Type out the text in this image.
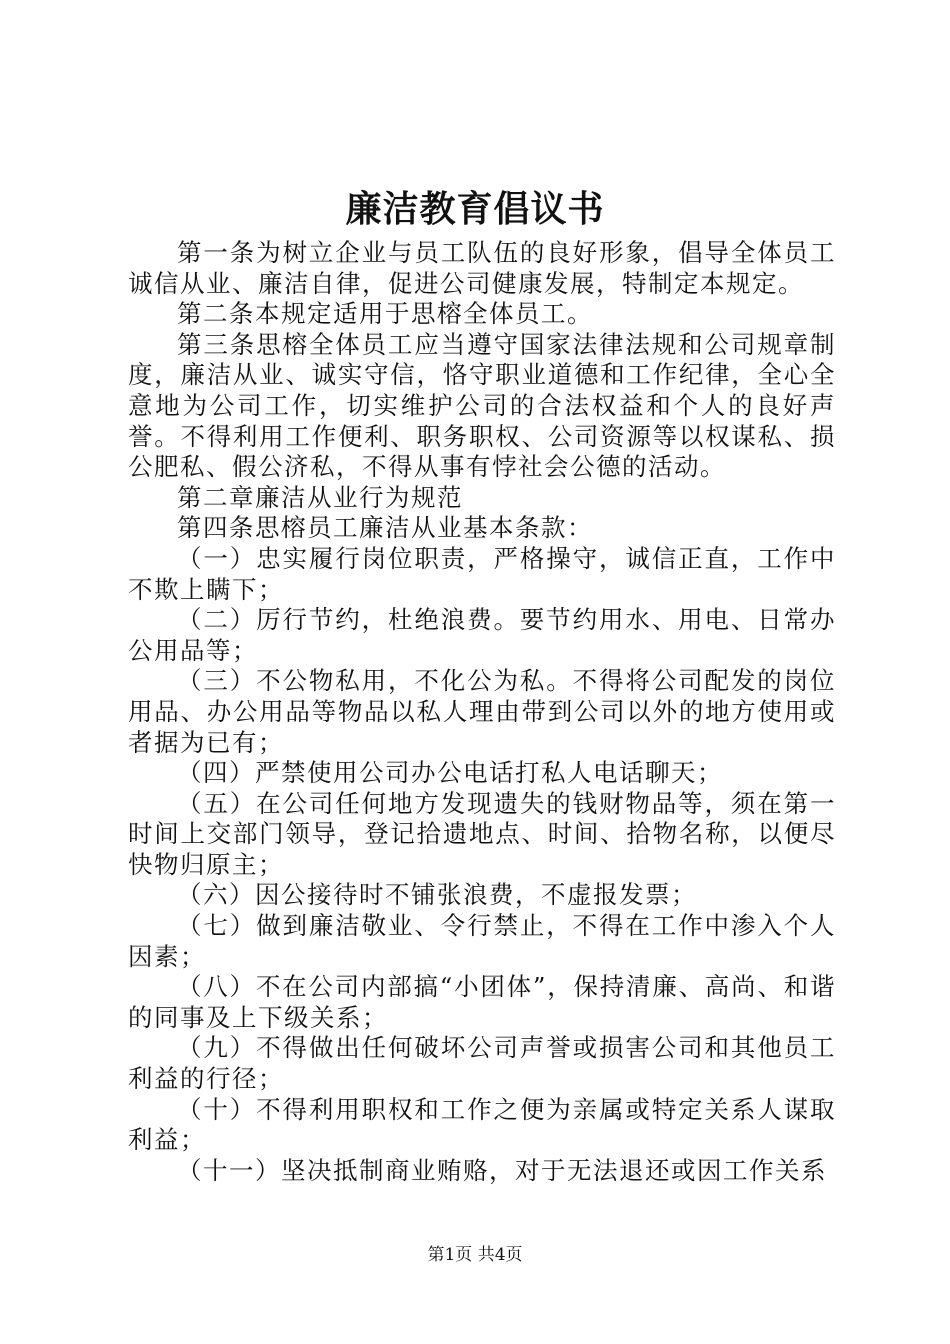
廉洁教育倡议书

第一条为树立企业与员工队伍的良好形象，倡导全体员工诚信从业、廉洁自律，促进公司健康发展，特制定本规定。

第二条本规定适用于思榕全体员工。

第三条思榕全体员工应当遵守国家法律法规和公司规章制度，廉洁从业、诚实守信，恪守职业道德和工作纪律，全心全意地为公司工作，切实维护公司的合法权益和个人的良好声誉。不得利用工作便利、职务职权、公司资源等以权谋私、损公肥私、假公济私，不得从事有悖社会公德的活动。

第二章廉洁从业行为规范

第四条思榕员工廉洁从业基本条款：

（一）忠实履行岗位职责，严格操守，诚信正直，工作中不欺上瞒下；

（二）厉行节约，杜绝浪费。要节约用水、用电、日常办公用品等；

（三）不公物私用，不化公为私。不得将公司配发的岗位用品、办公用品等物品以私人理由带到公司以外的地方使用或者据为已有；

（四）严禁使用公司办公电话打私人电话聊天；

（五）在公司任何地方发现遗失的钱财物品等，须在第一时间上交部门领导，登记拾遗地点、时间、拾物名称，以便尽快物归原主；

（六）因公接待时不铺张浪费，不虚报发票；

（七）做到廉洁敬业、令行禁止，不得在工作中渗入个人因素；

（八）不在公司内部搞“小团体”，保持清廉、高尚、和谐的同事及上下级关系；

（九）不得做出任何破坏公司声誉或损害公司和其他员工利益的行径；

（十）不得利用职权和工作之便为亲属或特定关系人谋取利益；

（十一）坚决抵制商业贿赂，对于无法退还或因工作关系

第1页 共4页
